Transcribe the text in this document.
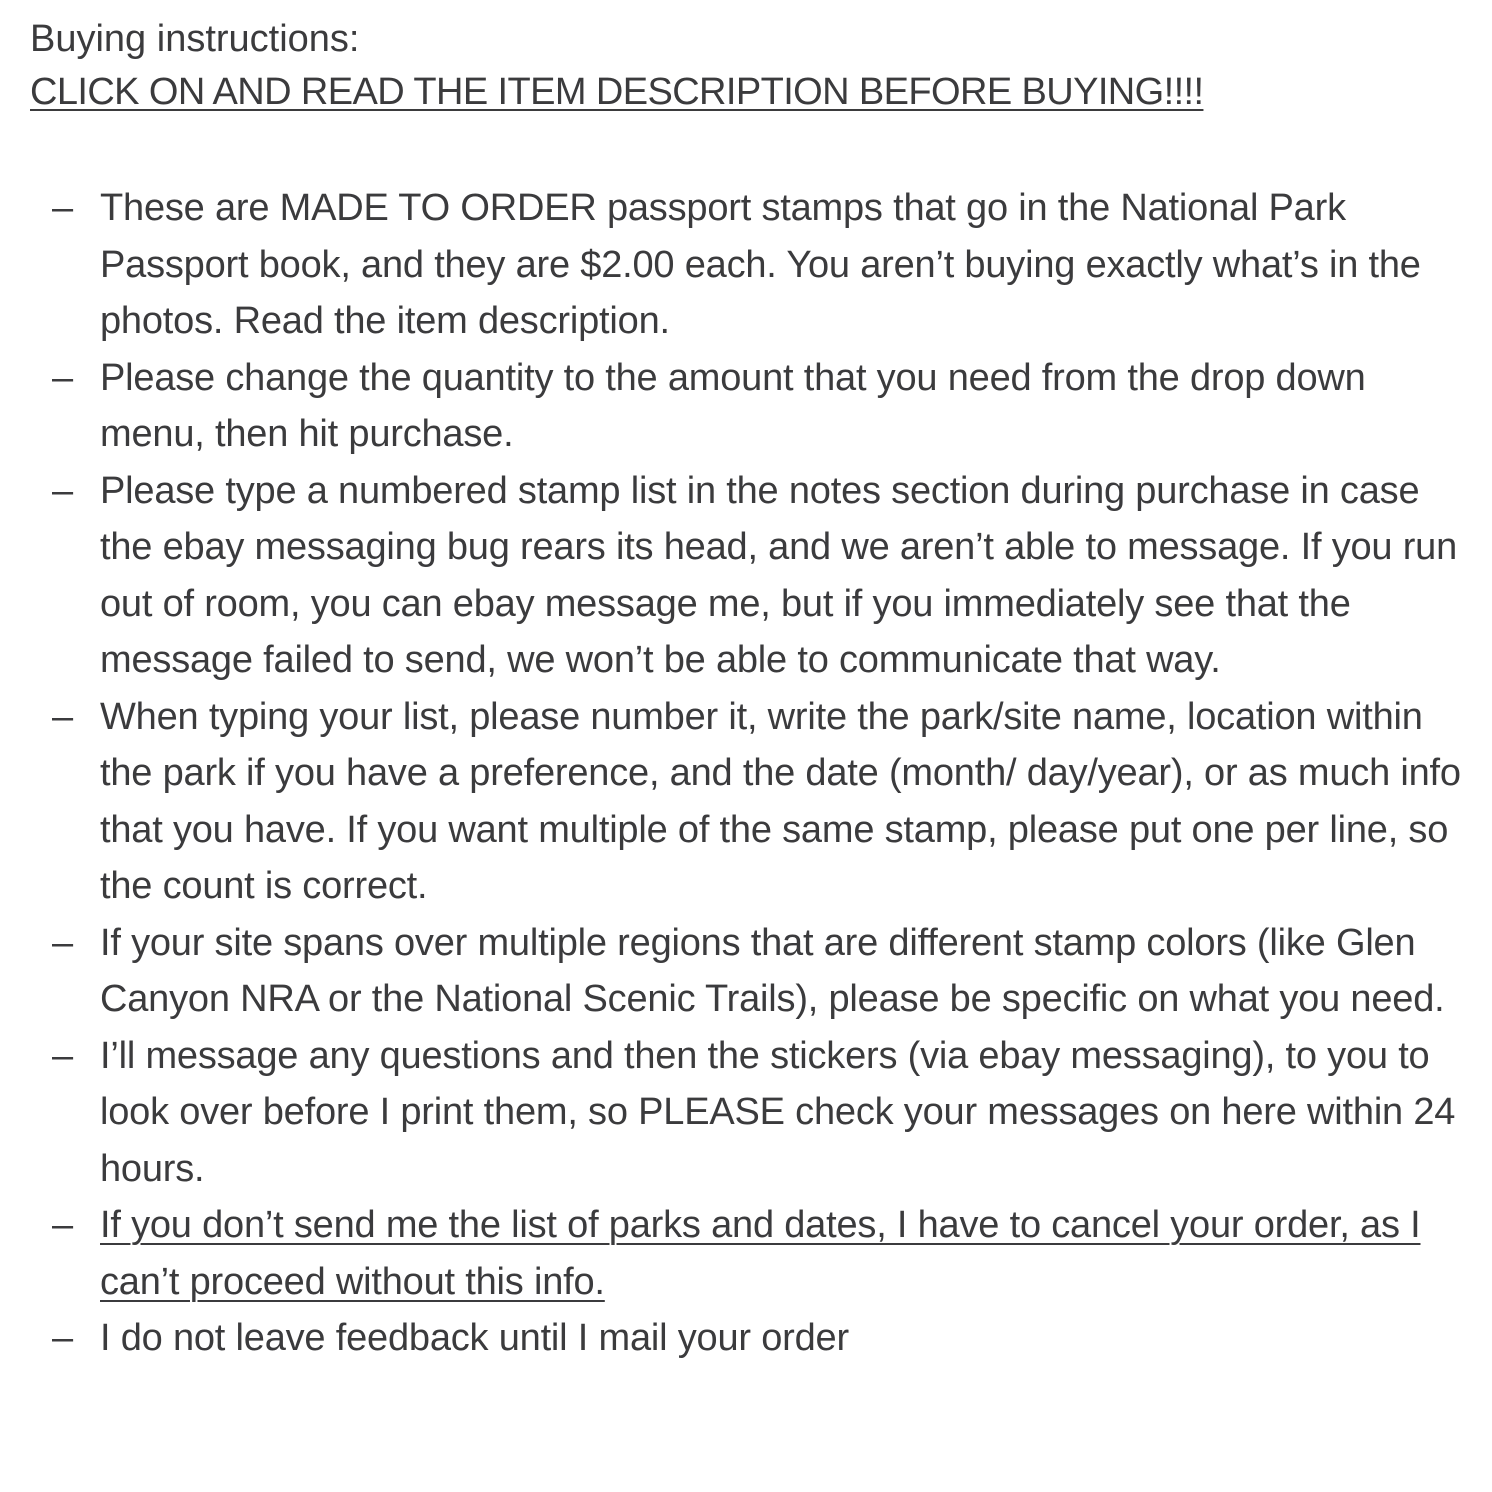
Buying instructions:

CLICK ON AND READ THE ITEM DESCRIPTION BEFORE BUYING!!!!

– These are MADE TO ORDER passport stamps that go in the National Park Passport book, and they are $2.00 each. You aren’t buying exactly what’s in the photos. Read the item description.
– Please change the quantity to the amount that you need from the drop down menu, then hit purchase.
– Please type a numbered stamp list in the notes section during purchase in case the ebay messaging bug rears its head, and we aren’t able to message. If you run out of room, you can ebay message me, but if you immediately see that the message failed to send, we won’t be able to communicate that way.
– When typing your list, please number it, write the park/site name, location within the park if you have a preference, and the date (month/ day/year), or as much info that you have. If you want multiple of the same stamp, please put one per line, so the count is correct.
– If your site spans over multiple regions that are different stamp colors (like Glen Canyon NRA or the National Scenic Trails), please be specific on what you need.
– I’ll message any questions and then the stickers (via ebay messaging), to you to look over before I print them, so PLEASE check your messages on here within 24 hours.
– If you don’t send me the list of parks and dates, I have to cancel your order, as I can’t proceed without this info.
– I do not leave feedback until I mail your order
